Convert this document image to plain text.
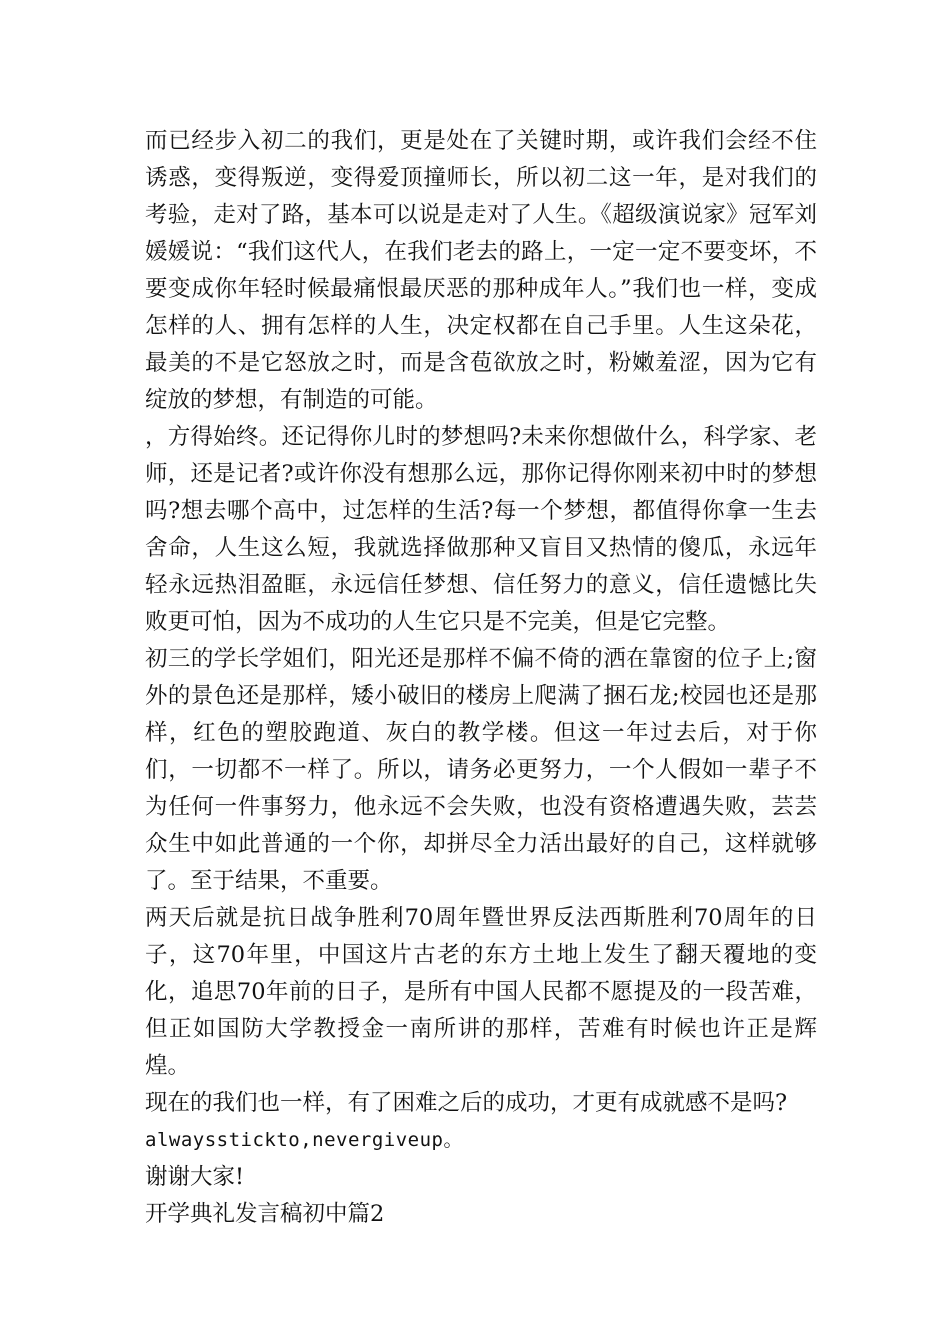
而已经步入初二的我们，更是处在了关键时期，或许我们会经不住诱惑，变得叛逆，变得爱顶撞师长，所以初二这一年，是对我们的考验，走对了路，基本可以说是走对了人生。《超级演说家》冠军刘媛媛说：“我们这代人，在我们老去的路上，一定一定不要变坏，不要变成你年轻时候最痛恨最厌恶的那种成年人。”我们也一样，变成怎样的人、拥有怎样的人生，决定权都在自己手里。人生这朵花，最美的不是它怒放之时，而是含苞欲放之时，粉嫩羞涩，因为它有绽放的梦想，有制造的可能。

，方得始终。还记得你儿时的梦想吗?未来你想做什么，科学家、老师，还是记者?或许你没有想那么远，那你记得你刚来初中时的梦想吗?想去哪个高中，过怎样的生活?每一个梦想，都值得你拿一生去舍命，人生这么短，我就选择做那种又盲目又热情的傻瓜，永远年轻永远热泪盈眶，永远信任梦想、信任努力的意义，信任遗憾比失败更可怕，因为不成功的人生它只是不完美，但是它完整。

初三的学长学姐们，阳光还是那样不偏不倚的洒在靠窗的位子上;窗外的景色还是那样，矮小破旧的楼房上爬满了捆石龙;校园也还是那样，红色的塑胶跑道、灰白的教学楼。但这一年过去后，对于你们，一切都不一样了。所以，请务必更努力，一个人假如一辈子不为任何一件事努力，他永远不会失败，也没有资格遭遇失败，芸芸众生中如此普通的一个你，却拼尽全力活出最好的自己，这样就够了。至于结果，不重要。

两天后就是抗日战争胜利70周年暨世界反法西斯胜利70周年的日子，这70年里，中国这片古老的东方土地上发生了翻天覆地的变化，追思70年前的日子，是所有中国人民都不愿提及的一段苦难，但正如国防大学教授金一南所讲的那样，苦难有时候也许正是辉煌。

现在的我们也一样，有了困难之后的成功，才更有成就感不是吗?

alwaysstickto,nevergiveup。

谢谢大家!

开学典礼发言稿初中篇2
